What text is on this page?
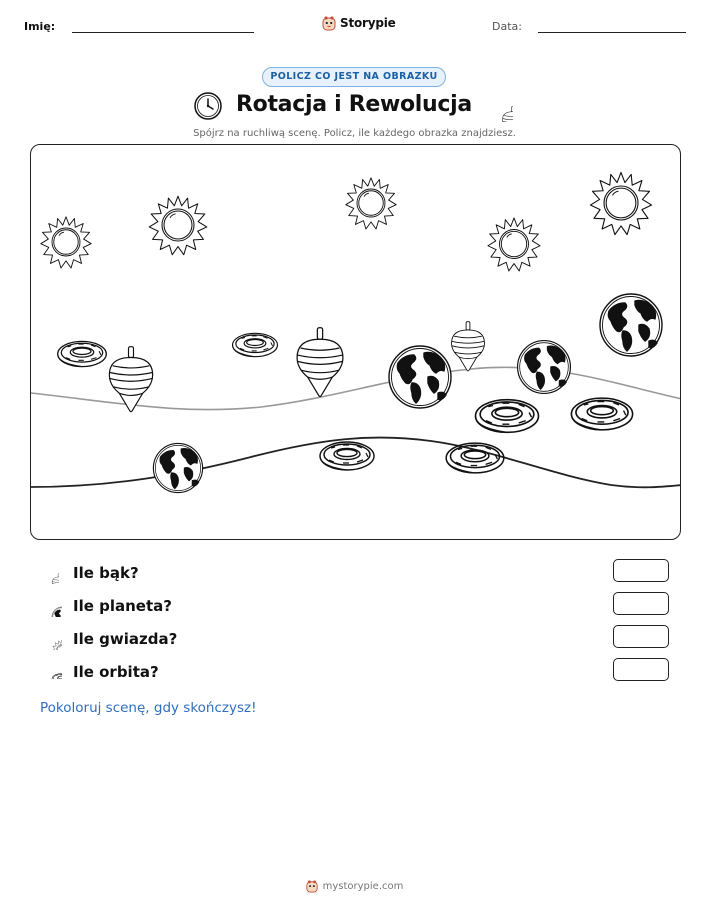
Imię:	Storypie	Data:
POLICZ CO JEST NA OBRAZKU
Rotacja i Rewolucja
Spójrz na ruchliwą scenę. Policz, ile każdego obrazka znajdziesz.
Ile bąk?
Ile planeta?
Ile gwiazda?
Ile orbita?
Pokoloruj scenę, gdy skończysz!
mystorypie.com
